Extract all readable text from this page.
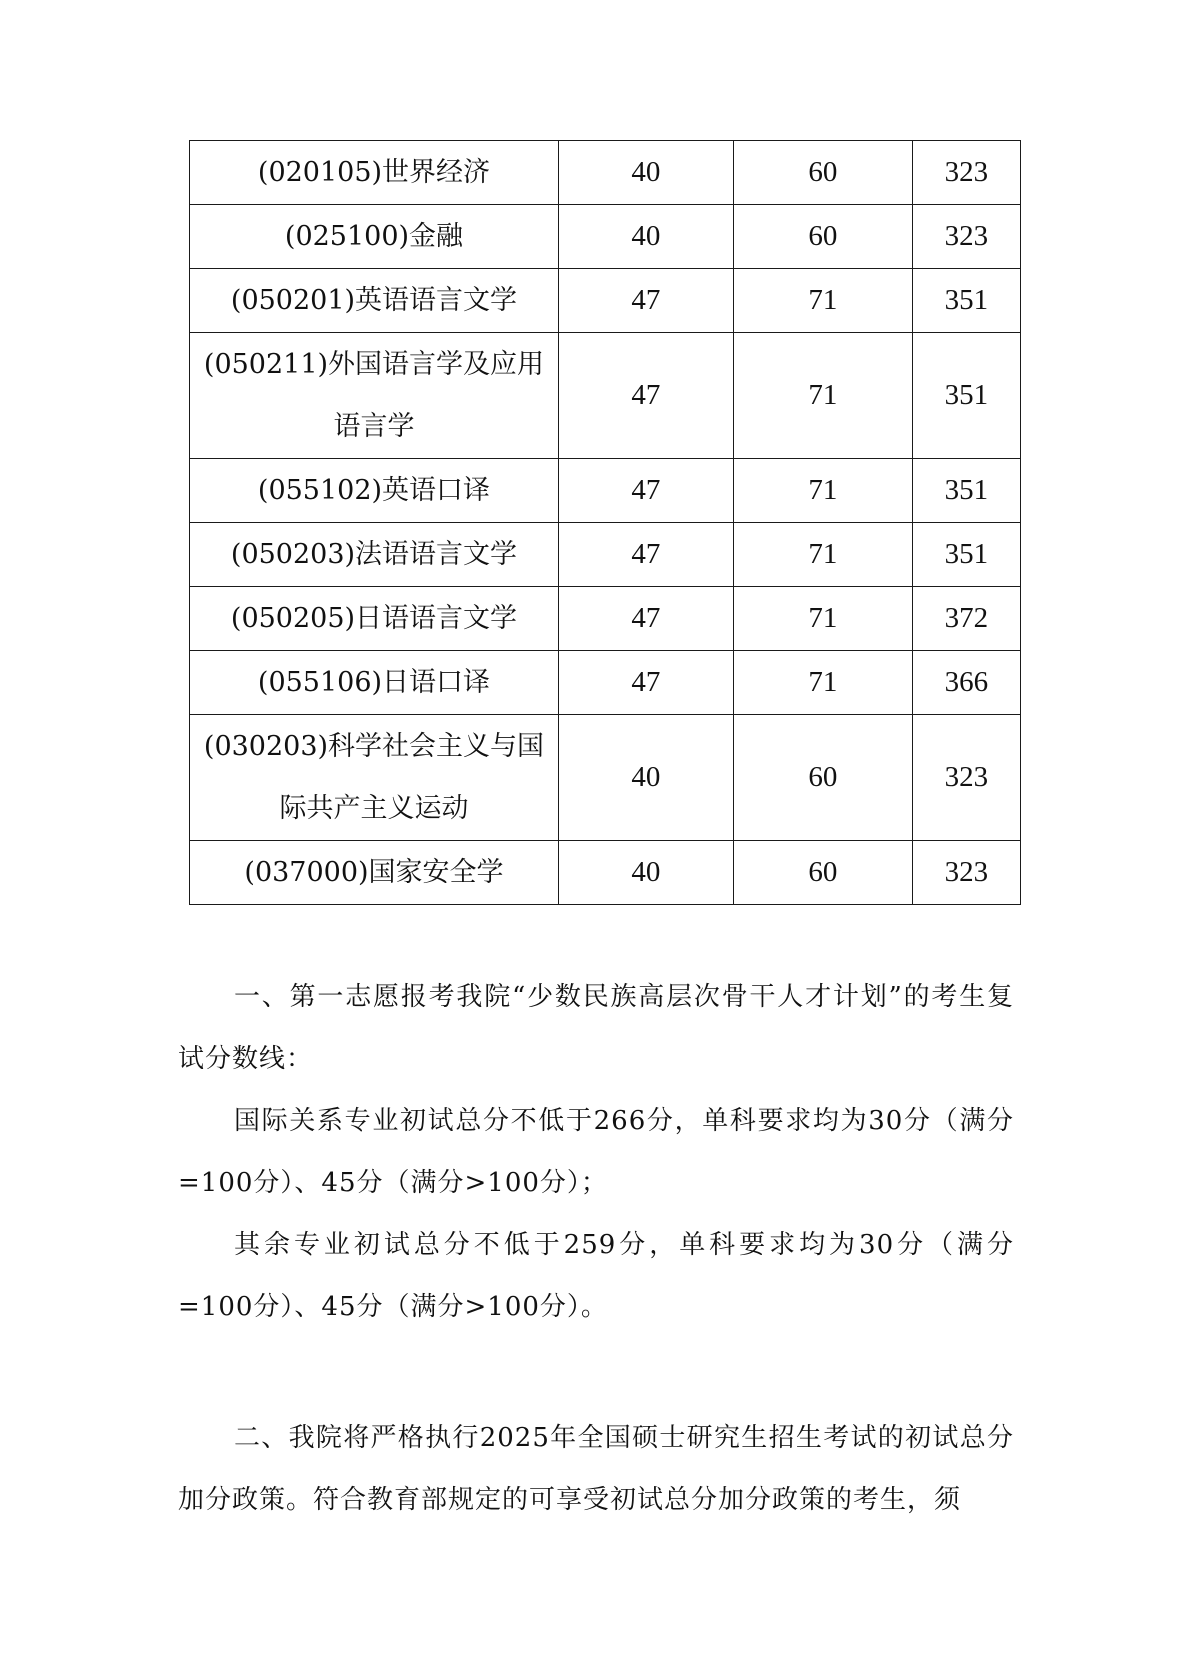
(020105)世界经济	40	60	323
(025100)金融	40	60	323
(050201)英语语言文学	47	71	351
(050211)外国语言学及应用语言学	47	71	351
(055102)英语口译	47	71	351
(050203)法语语言文学	47	71	351
(050205)日语语言文学	47	71	372
(055106)日语口译	47	71	366
(030203)科学社会主义与国际共产主义运动	40	60	323
(037000)国家安全学	40	60	323

一、第一志愿报考我院“少数民族高层次骨干人才计划”的考生复试分数线：

国际关系专业初试总分不低于266分，单科要求均为30分（满分=100分）、45分（满分>100分）；

其余专业初试总分不低于259分，单科要求均为30分（满分=100分）、45分（满分>100分）。

二、我院将严格执行2025年全国硕士研究生招生考试的初试总分加分政策。符合教育部规定的可享受初试总分加分政策的考生，须
